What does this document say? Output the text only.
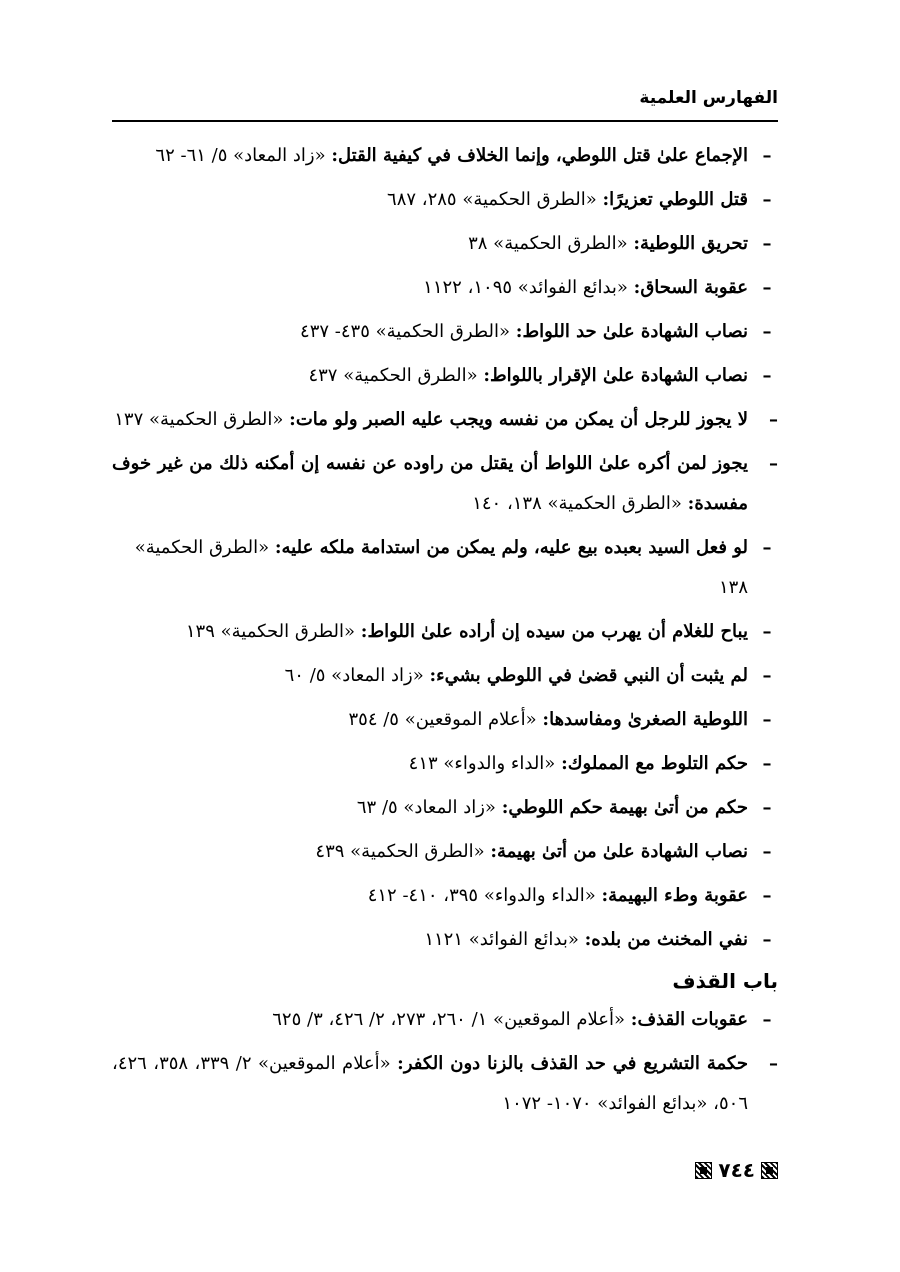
الفهارس العلمية
–
الإجماع علىٰ قتل اللوطي، وإنما الخلاف في كيفية القتل: «زاد المعاد» ٥/ ٦١- ٦٢
–
قتل اللوطي تعزيرًا: «الطرق الحكمية» ٢٨٥، ٦٨٧
–
تحريق اللوطية: «الطرق الحكمية» ٣٨
–
عقوبة السحاق: «بدائع الفوائد» ١٠٩٥، ١١٢٢
–
نصاب الشهادة علىٰ حد اللواط: «الطرق الحكمية» ٤٣٥- ٤٣٧
–
نصاب الشهادة علىٰ الإقرار باللواط: «الطرق الحكمية» ٤٣٧
–
لا يجوز للرجل أن يمكن من نفسه ويجب عليه الصبر ولو مات: «الطرق الحكمية» ١٣٧
–
يجوز لمن أكره علىٰ اللواط أن يقتل من راوده عن نفسه إن أمكنه ذلك من غير خوف مفسدة: «الطرق الحكمية» ١٣٨، ١٤٠
–
لو فعل السيد بعبده بيع عليه، ولم يمكن من استدامة ملكه عليه: «الطرق الحكمية» ١٣٨
–
يباح للغلام أن يهرب من سيده إن أراده علىٰ اللواط: «الطرق الحكمية» ١٣٩
–
لم يثبت أن النبي قضىٰ في اللوطي بشيء: «زاد المعاد» ٥/ ٦٠
–
اللوطية الصغرىٰ ومفاسدها: «أعلام الموقعين» ٥/ ٣٥٤
–
حكم التلوط مع المملوك: «الداء والدواء» ٤١٣
–
حكم من أتىٰ بهيمة حكم اللوطي: «زاد المعاد» ٥/ ٦٣
–
نصاب الشهادة علىٰ من أتىٰ بهيمة: «الطرق الحكمية» ٤٣٩
–
عقوبة وطء البهيمة: «الداء والدواء» ٣٩٥، ٤١٠- ٤١٢
–
نفي المخنث من بلده: «بدائع الفوائد» ١١٢١
باب القذف
–
عقوبات القذف: «أعلام الموقعين» ١/ ٢٦٠، ٢٧٣، ٢/ ٤٢٦، ٣/ ٦٢٥
–
حكمة التشريع في حد القذف بالزنا دون الكفر: «أعلام الموقعين» ٢/ ٣٣٩، ٣٥٨، ٤٢٦، ٥٠٦، «بدائع الفوائد» ١٠٧٠- ١٠٧٢
٧٤٤
